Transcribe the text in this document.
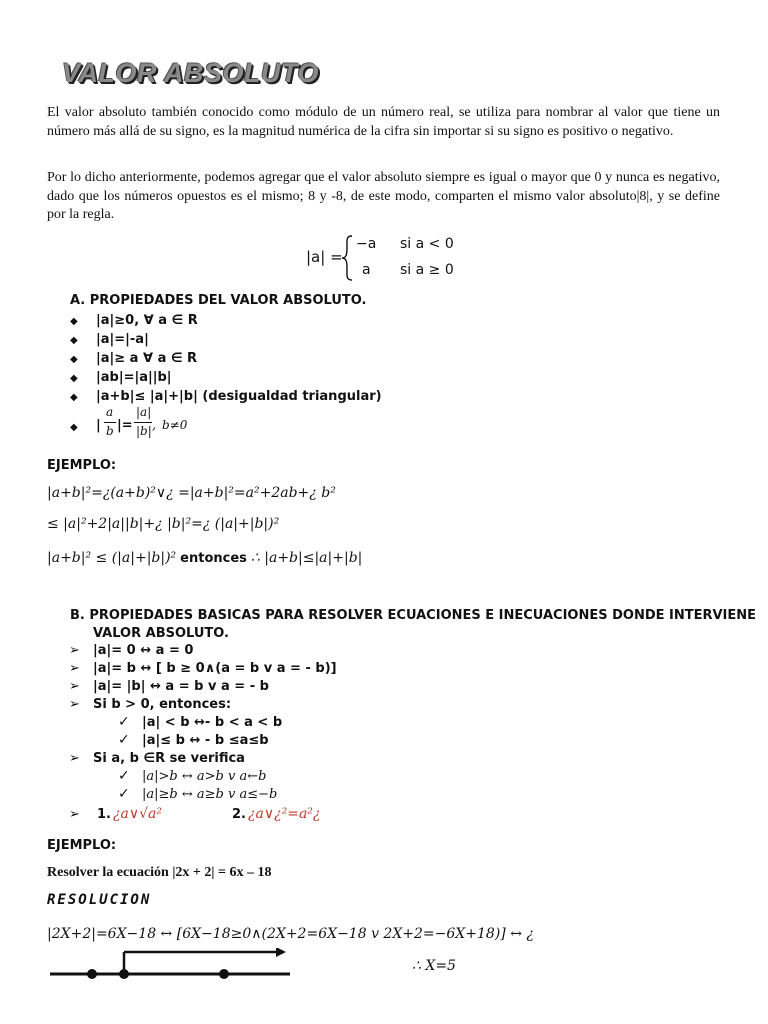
VALOR ABSOLUTO

El valor absoluto también conocido como módulo de un número real, se utiliza para nombrar al valor que tiene un número más allá de su signo, es la magnitud numérica de la cifra sin importar si su signo es positivo o negativo.

Por lo dicho anteriormente, podemos agregar que el valor absoluto siempre es igual o mayor que 0 y nunca es negativo, dado que los números opuestos es el mismo; 8 y -8, de este modo, comparten el mismo valor absoluto|8|, y se define por la regla.

|a| =
−a si a < 0
a si a ≥ 0
A. PROPIEDADES DEL VALOR ABSOLUTO.
◆ |a|≥0, ∀ a ∈ R
◆ |a|=|-a|
◆ |a|≥ a ∀ a ∈ R
◆ |ab|=|a||b|
◆ |a+b|≤ |a|+|b| (desigualdad triangular)
◆ |
a
b |=
|a|
|b| , b≠0
EJEMPLO:
|a+b|²=¿(a+b)²∨¿ =|a+b|²=a²+2ab+¿ b²
≤ |a|²+2|a||b|+¿ |b|²=¿ (|a|+|b|)²
|a+b|² ≤ (|a|+|b|)² entonces ∴ |a+b|≤|a|+|b|
B. PROPIEDADES BASICAS PARA RESOLVER ECUACIONES E INECUACIONES DONDE INTERVIENE
VALOR ABSOLUTO.
➢ |a|= 0 ↔ a = 0
➢ |a|= b ↔ [ b ≥ 0∧(a = b v a = - b)]
➢ |a|= |b| ↔ a = b v a = - b
➢ Si b > 0, entonces:
✓ |a| < b ↔- b < a < b
✓ |a|≤ b ↔ - b ≤a≤b
➢ Si a, b ∈R se verifica
✓ |a|>b ↔ a>b v a←b
✓ |a|≥b ↔ a≥b v a≤−b
➢ 1. ¿a∨√a²	2. ¿a∨¿²=a²¿
EJEMPLO:
Resolver la ecuación |2x + 2| = 6x – 18
RESOLUCION
|2X+2|=6X−18 ↔ [6X−18≥0∧(2X+2=6X−18 v 2X+2=−6X+18)] ↔ ¿
∴ X=5
